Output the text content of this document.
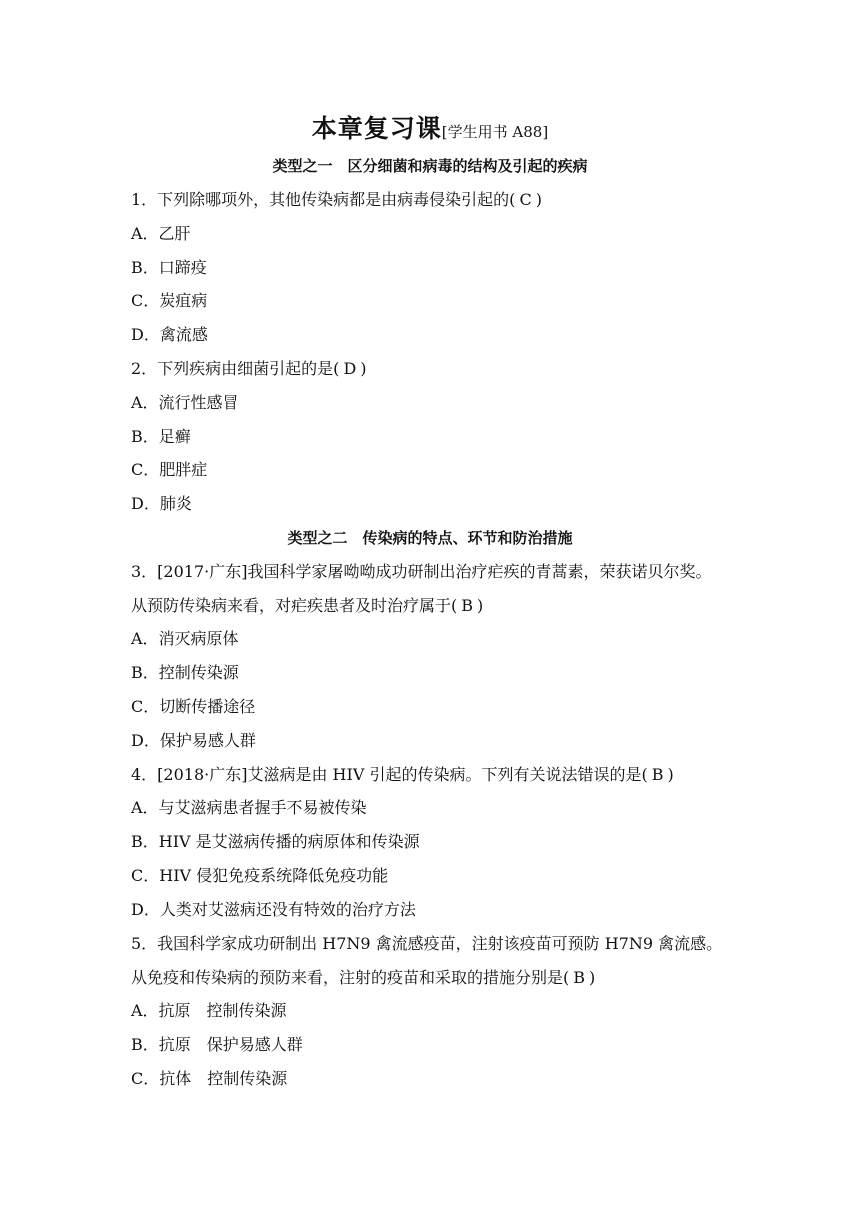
本章复习课[学生用书 A88]
类型之一　区分细菌和病毒的结构及引起的疾病
1．下列除哪项外，其他传染病都是由病毒侵染引起的( C )
A．乙肝
B．口蹄疫
C．炭疽病
D．禽流感
2．下列疾病由细菌引起的是( D )
A．流行性感冒
B．足癣
C．肥胖症
D．肺炎
类型之二　传染病的特点、环节和防治措施
3．[2017·广东]我国科学家屠呦呦成功研制出治疗疟疾的青蒿素，荣获诺贝尔奖。
从预防传染病来看，对疟疾患者及时治疗属于( B )
A．消灭病原体
B．控制传染源
C．切断传播途径
D．保护易感人群
4．[2018·广东]艾滋病是由 HIV 引起的传染病。下列有关说法错误的是( B )
A．与艾滋病患者握手不易被传染
B．HIV 是艾滋病传播的病原体和传染源
C．HIV 侵犯免疫系统降低免疫功能
D．人类对艾滋病还没有特效的治疗方法
5．我国科学家成功研制出 H7N9 禽流感疫苗，注射该疫苗可预防 H7N9 禽流感。
从免疫和传染病的预防来看，注射的疫苗和采取的措施分别是( B )
A．抗原　控制传染源
B．抗原　保护易感人群
C．抗体　控制传染源
